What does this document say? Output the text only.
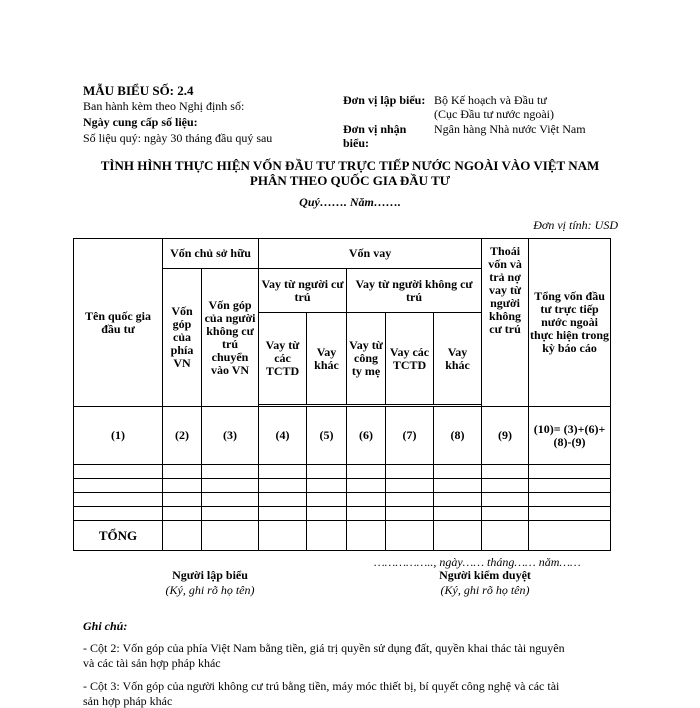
MẪU BIỂU SỐ: 2.4
Ban hành kèm theo Nghị định số:
Ngày cung cấp số liệu:
Số liệu quý: ngày 30 tháng đầu quý sau
Đơn vị lập biểu: Bộ Kế hoạch và Đầu tư
(Cục Đầu tư nước ngoài)
Đơn vị nhận Ngân hàng Nhà nước Việt Nam
biểu:
TÌNH HÌNH THỰC HIỆN VỐN ĐẦU TƯ TRỰC TIẾP NƯỚC NGOÀI VÀO VIỆT NAM
PHÂN THEO QUỐC GIA ĐẦU TƯ
Quý……. Năm…….
Đơn vị tính: USD
Tên quốc gia đầu tư	Vốn chủ sở hữu		Vốn vay					Thoái vốn và trả nợ vay từ người không cư trú	Tổng vốn đầu tư trực tiếp nước ngoài thực hiện trong kỳ báo cáo
	Vốn góp của phía VN	Vốn góp của người không cư trú chuyển vào VN	Vay từ người cư trú		Vay từ người không cư trú				
			Vay từ các TCTD	Vay khác	Vay từ công ty mẹ	Vay các TCTD	Vay khác		

(1)	(2)	(3)	(4)	(5)	(6)	(7)	(8)	(9)	(10)= (3)+(6)+(8)-(9)

TỔNG									
…………….., ngày…… tháng…… năm……
Người lập biểu
(Ký, ghi rõ họ tên)
Người kiểm duyệt
(Ký, ghi rõ họ tên)
Ghi chú:
- Cột 2: Vốn góp của phía Việt Nam bằng tiền, giá trị quyền sử dụng đất, quyền khai thác tài nguyên
và các tài sản hợp pháp khác
- Cột 3: Vốn góp của người không cư trú bằng tiền, máy móc thiết bị, bí quyết công nghệ và các tài
sản hợp pháp khác
